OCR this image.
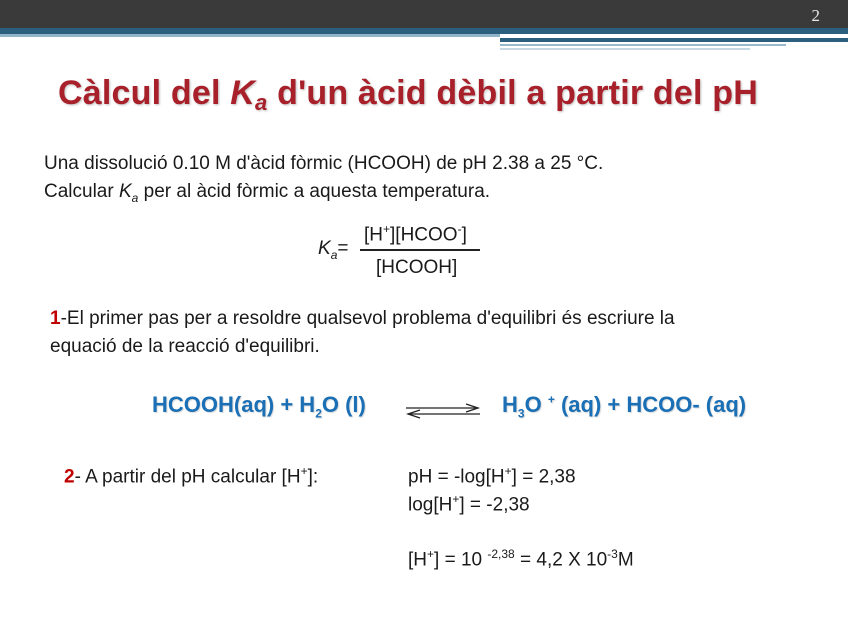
2
Càlcul del $K_a$ d'un àcid dèbil a partir del pH
Una dissolució 0.10 M d'àcid fòrmic (HCOOH) de pH 2.38 a 25 °C.
Calcular $K_a$ per al àcid fòrmic a aquesta temperatura.
$K_a=$
[H+][HCOO-]
[HCOOH]
1-El primer pas per a resoldre qualsevol problema d'equilibri és escriure la
equació de la reacció d'equilibri.
HCOOH(aq) + $H_2O$ (l)	$H_3O$ + (aq) + HCOO- (aq)
2- A partir del pH calcular [H+]:	pH = -log[H+] = 2,38
log[H+] = -2,38
[H+] = 10 $^{-2,38}$ = 4,2 X $10^{-3}M$
